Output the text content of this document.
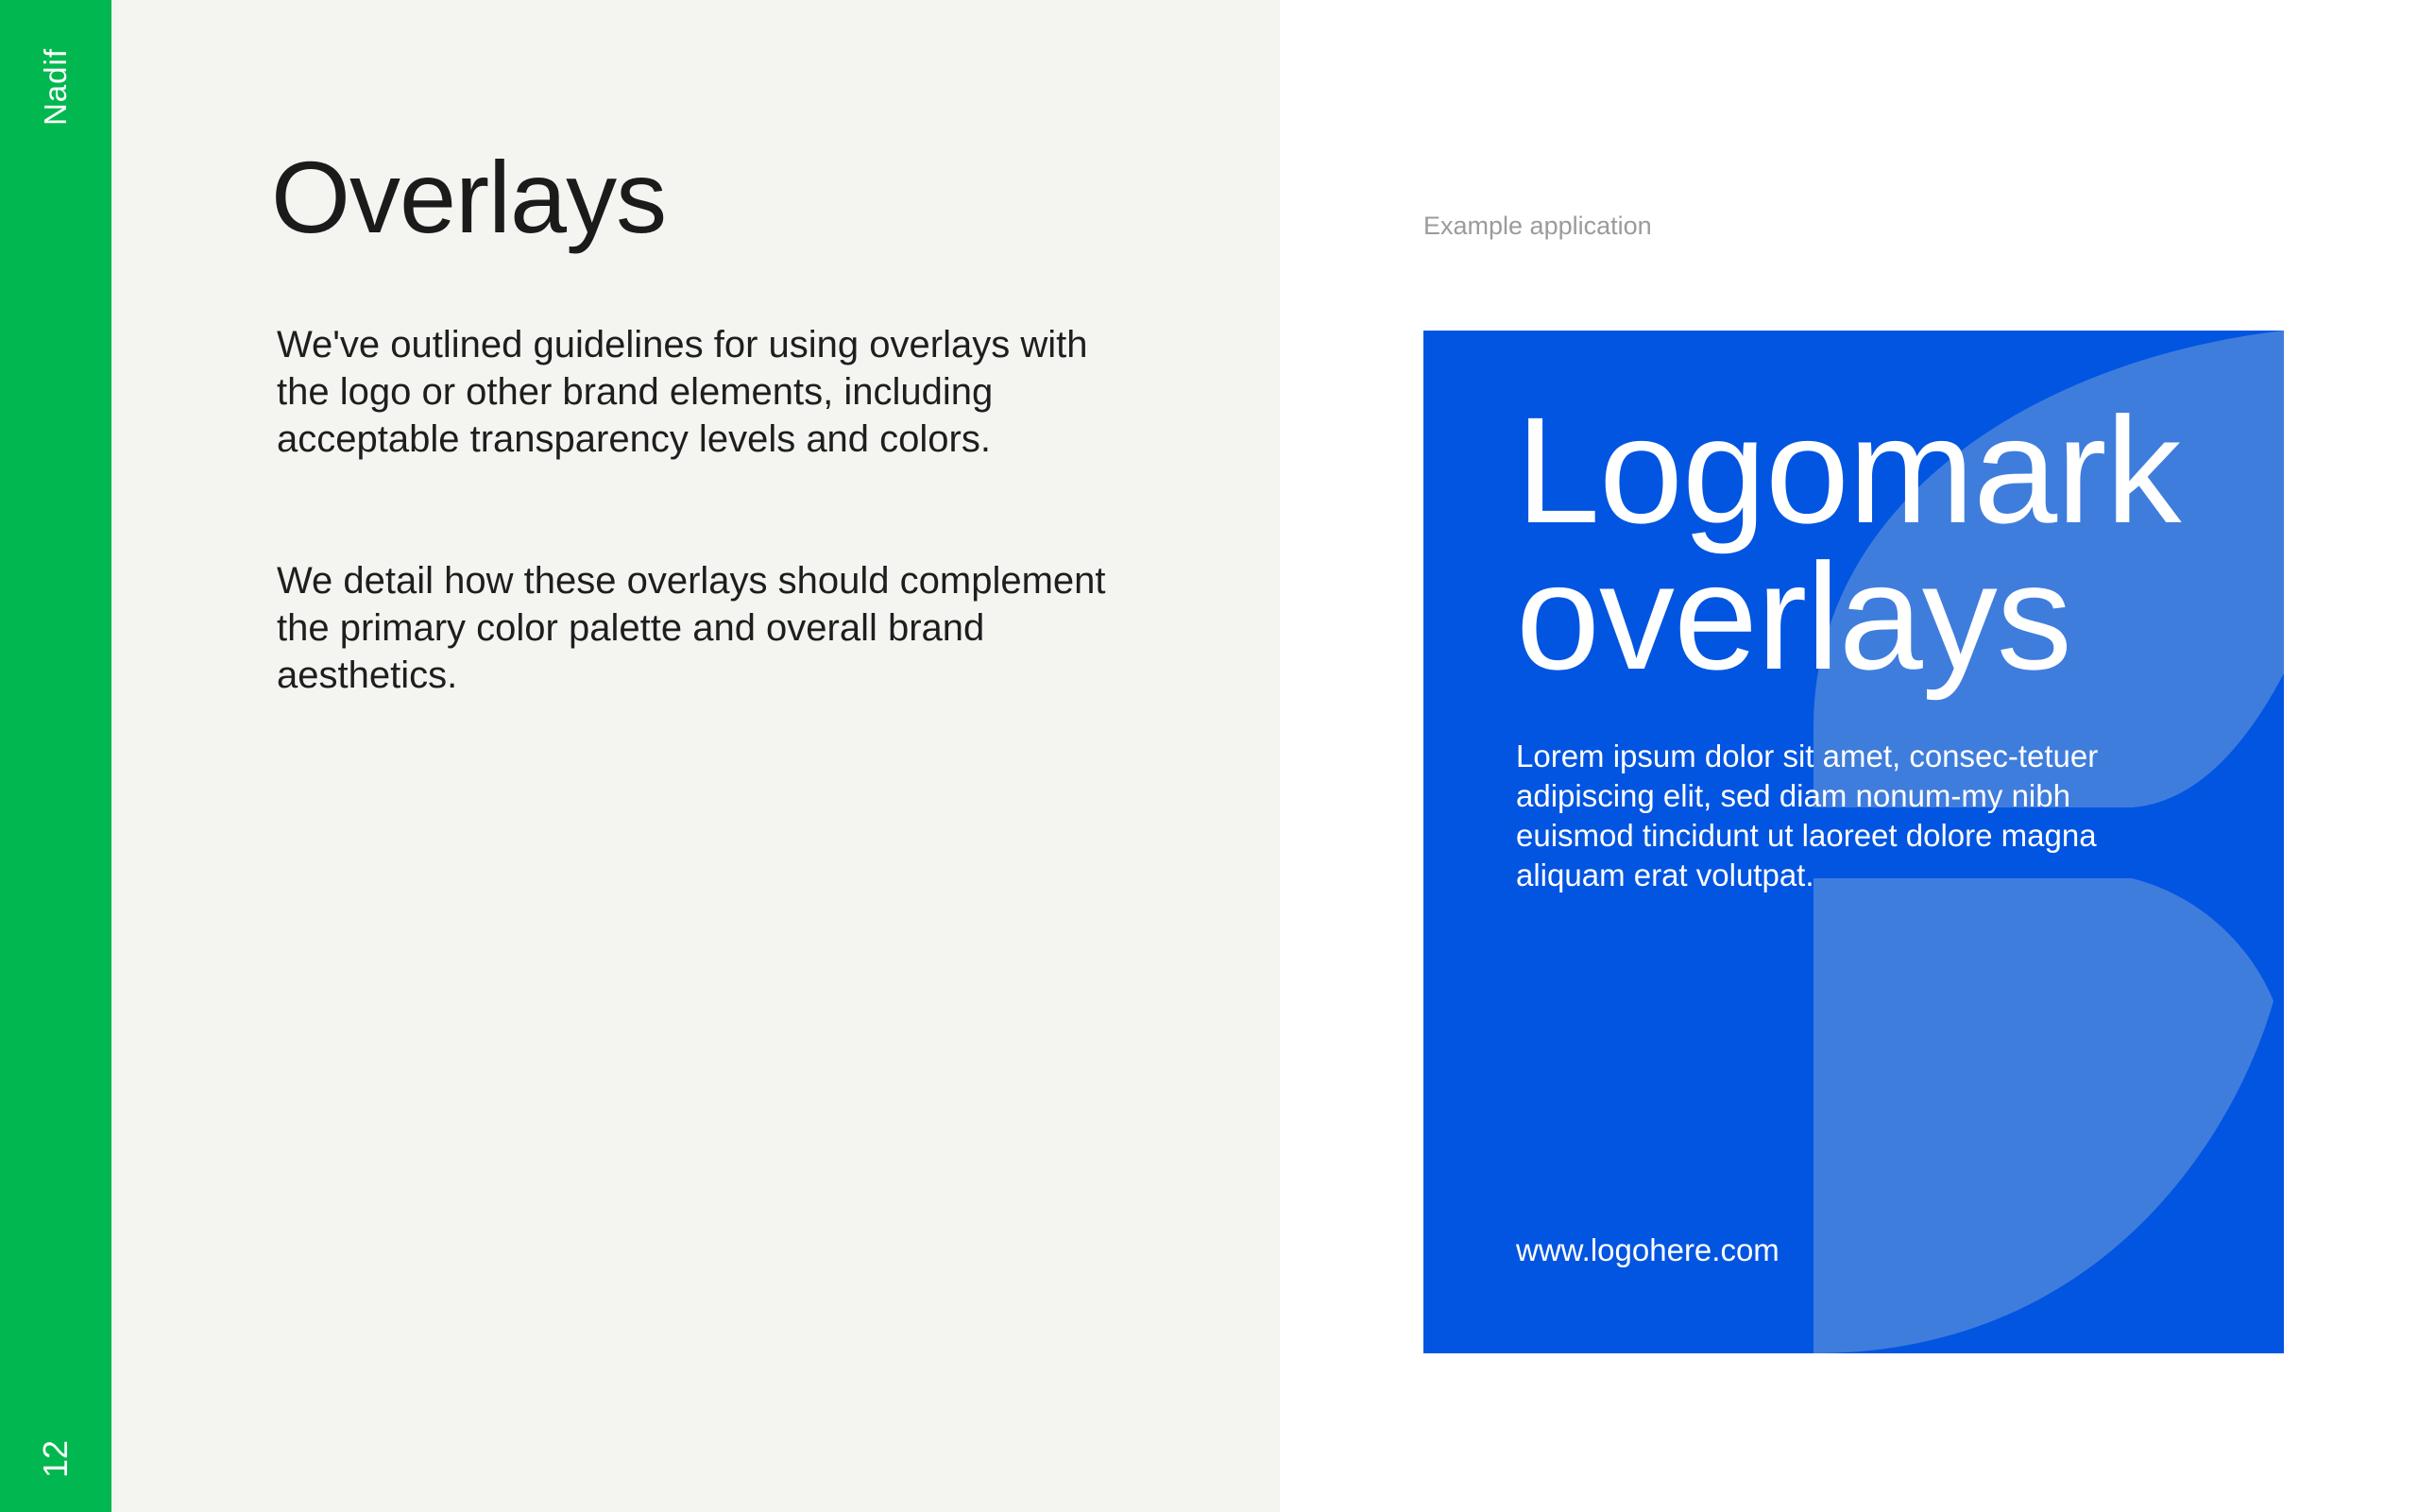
Nadif
12
Overlays

We've outlined guidelines for using overlays with the logo or other brand elements, including acceptable transparency levels and colors.

We detail how these overlays should complement the primary color palette and overall brand aesthetics.

Example application
Logomark
overlays

Lorem ipsum dolor sit amet, consec-tetuer adipiscing elit, sed diam nonum-my nibh euismod tincidunt ut laoreet dolore magna aliquam erat volutpat.

www.logohere.com
